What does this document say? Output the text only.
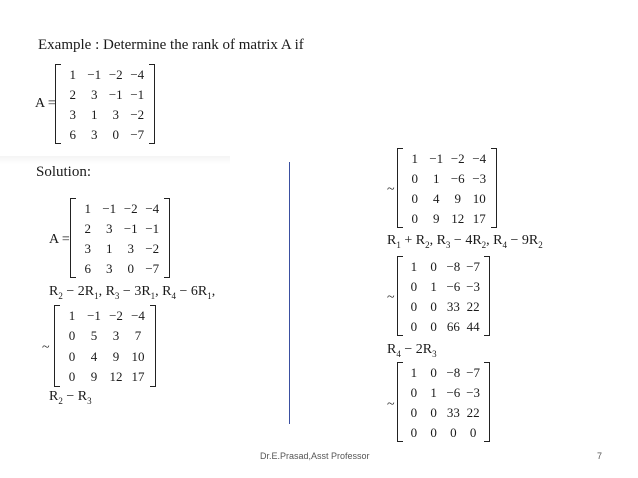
Example : Determine the rank of matrix A if
A =
1 −1 −2 −4
2	3 −1 −1
3	1	3 −2
6	3	0 −7
Solution:
A =
1 −1 −2 −4
2	3 −1 −1
3	1	3 −2
6	3	0 −7
$R_2 - 2R_1$, $R_3 - 3R_1$, $R_4 - 6R_1$,
~
1 −1 −2 −4
0	5	3	7
0	4	9 10
0	9 12 17
$R_2 - R_3$
~
1 −1 −2 −4
0	1 −6 −3
0	4	9 10
0	9 12 17
$R_1 + R_2$, $R_3 - 4R_2$, $R_4 - 9R_2$
~
1	0 −8 −7
0	1 −6 −3
0	0 33 22
0	0 66 44
$R_4 - 2R_3$
~
1	0 −8 −7
0	1 −6 −3
0	0 33 22
0	0	0	0
Dr.E.Prasad,Asst Professor	7
